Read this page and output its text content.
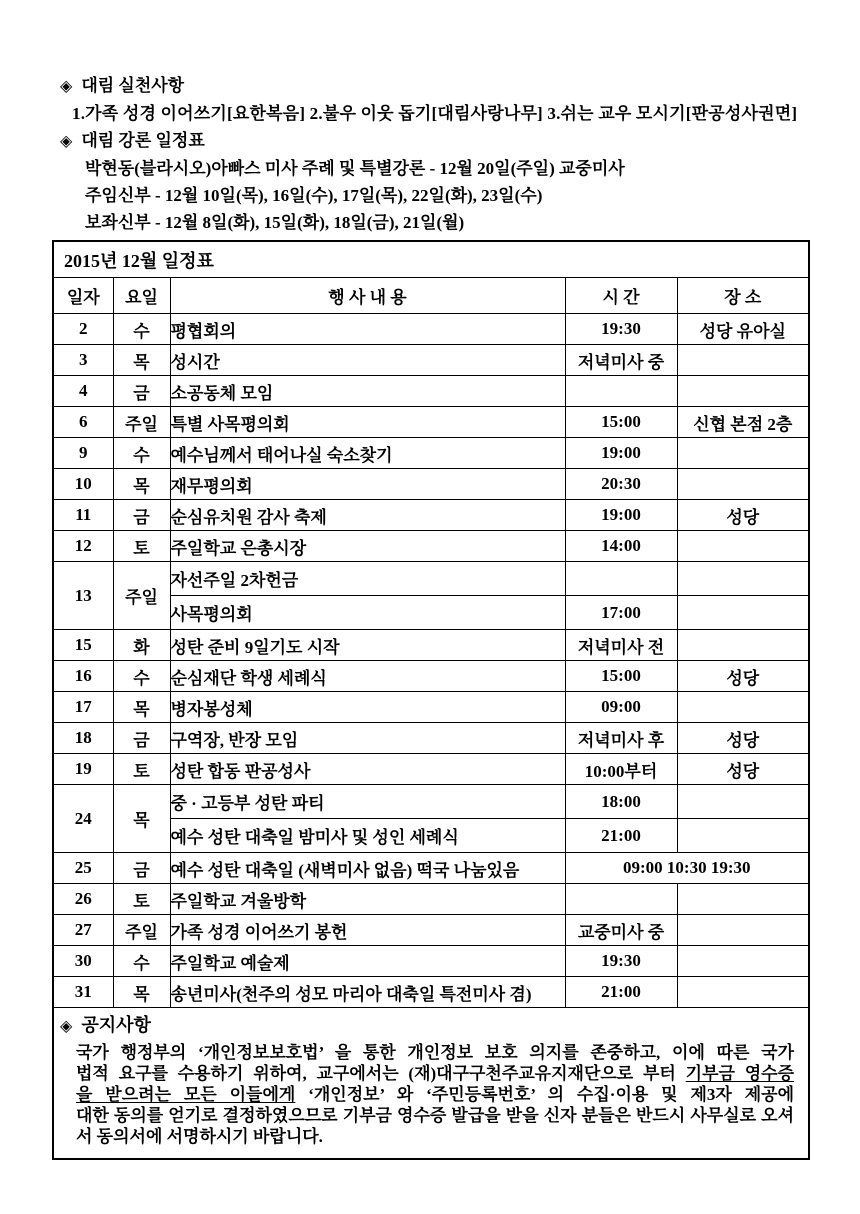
◈ 대림 실천사항
1.가족 성경 이어쓰기[요한복음] 2.불우 이웃 돕기[대림사랑나무] 3.쉬는 교우 모시기[판공성사권면]
◈ 대림 강론 일정표
박현동(블라시오)아빠스 미사 주례 및 특별강론 - 12월 20일(주일) 교중미사
주임신부 - 12월 10일(목), 16일(수), 17일(목), 22일(화), 23일(수)
보좌신부 - 12월 8일(화), 15일(화), 18일(금), 21일(월)
2015년 12월 일정표				
일자	요일	행 사 내 용	시 간	장 소
2	수	평협회의	19:30	성당 유아실
3	목	성시간	저녁미사 중	
4	금	소공동체 모임		
6	주일	특별 사목평의회	15:00	신협 본점 2층
9	수	예수님께서 태어나실 숙소찾기	19:00	
10	목	재무평의회	20:30	
11	금	순심유치원 감사 축제	19:00	성당
12	토	주일학교 은총시장	14:00	
13	주일	자선주일 2차헌금		
		사목평의회	17:00	
15	화	성탄 준비 9일기도 시작	저녁미사 전	
16	수	순심재단 학생 세례식	15:00	성당
17	목	병자봉성체	09:00	
18	금	구역장, 반장 모임	저녁미사 후	성당
19	토	성탄 합동 판공성사	10:00부터	성당
24	목	중 · 고등부 성탄 파티	18:00	
		예수 성탄 대축일 밤미사 및 성인 세례식	21:00	
25	금	예수 성탄 대축일 (새벽미사 없음) 떡국 나눔있음	09:00 10:30 19:30	
26	토	주일학교 겨울방학		
27	주일	가족 성경 이어쓰기 봉헌	교중미사 중	
30	수	주일학교 예술제	19:30	
31	목	송년미사(천주의 성모 마리아 대축일 특전미사 겸)	21:00	

◈ 공지사항
국가 행정부의 ‘개인정보보호법’ 을 통한 개인정보 보호 의지를 존중하고, 이에 따른 국가
법적 요구를 수용하기 위하여, 교구에서는 (재)대구구천주교유지재단으로 부터 기부금 영수증
을 받으려는 모든 이들에게 ‘개인정보’ 와 ‘주민등록번호’ 의 수집·이용 및 제3자 제공에
대한 동의를 얻기로 결정하였으므로 기부금 영수증 발급을 받을 신자 분들은 반드시 사무실로 오셔
서 동의서에 서명하시기 바랍니다.
